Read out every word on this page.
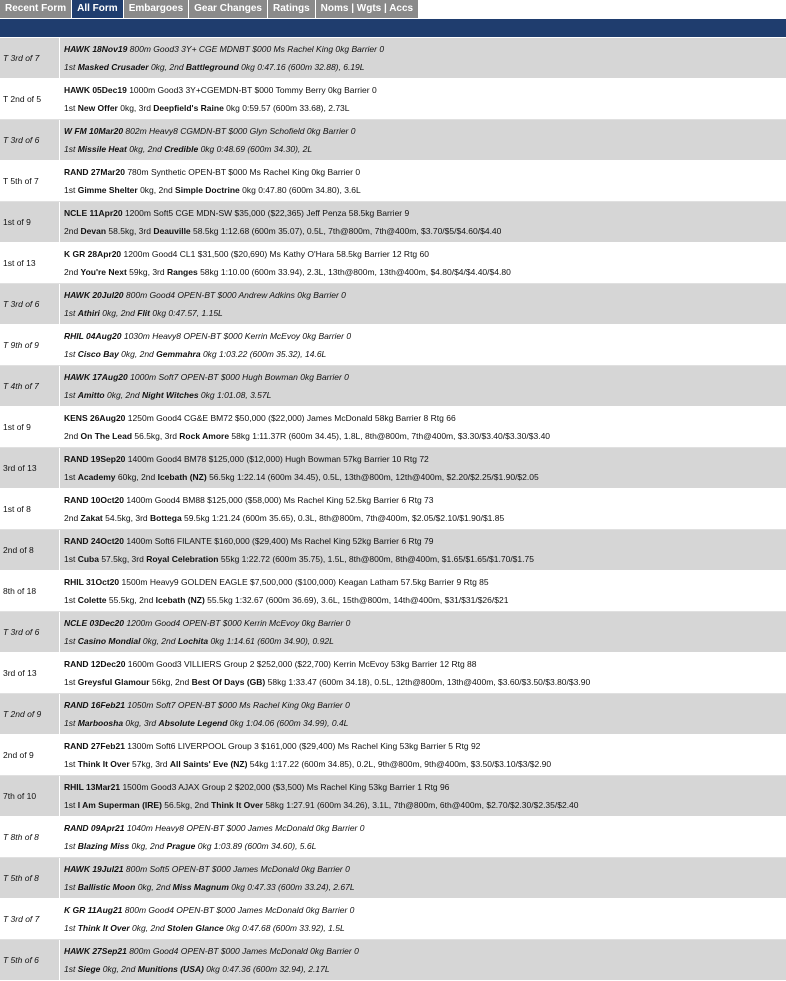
Recent Form	All Form	Embargoes	Gear Changes	Ratings	Noms | Wgts | Accs
T 3rd of 7
HAWK 18Nov19 800m Good3 3Y+ CGE MDNBT $000 Ms Rachel King 0kg Barrier 0
1st Masked Crusader 0kg, 2nd Battleground 0kg 0:47.16 (600m 32.88), 6.19L
T 2nd of 5
HAWK 05Dec19 1000m Good3 3Y+CGEMDN-BT $000 Tommy Berry 0kg Barrier 0
1st New Offer 0kg, 3rd Deepfield's Raine 0kg 0:59.57 (600m 33.68), 2.73L
T 3rd of 6
W FM 10Mar20 802m Heavy8 CGMDN-BT $000 Glyn Schofield 0kg Barrier 0
1st Missile Heat 0kg, 2nd Credible 0kg 0:48.69 (600m 34.30), 2L
T 5th of 7
RAND 27Mar20 780m Synthetic OPEN-BT $000 Ms Rachel King 0kg Barrier 0
1st Gimme Shelter 0kg, 2nd Simple Doctrine 0kg 0:47.80 (600m 34.80), 3.6L
1st of 9
NCLE 11Apr20 1200m Soft5 CGE MDN-SW $35,000 ($22,365) Jeff Penza 58.5kg Barrier 9
2nd Devan 58.5kg, 3rd Deauville 58.5kg 1:12.68 (600m 35.07), 0.5L, 7th@800m, 7th@400m, $3.70/$5/$4.60/$4.40
1st of 13
K GR 28Apr20 1200m Good4 CL1 $31,500 ($20,690) Ms Kathy O'Hara 58.5kg Barrier 12 Rtg 60
2nd You're Next 59kg, 3rd Ranges 58kg 1:10.00 (600m 33.94), 2.3L, 13th@800m, 13th@400m, $4.80/$4/$4.40/$4.80
T 3rd of 6
HAWK 20Jul20 800m Good4 OPEN-BT $000 Andrew Adkins 0kg Barrier 0
1st Athiri 0kg, 2nd Flit 0kg 0:47.57, 1.15L
T 9th of 9
RHIL 04Aug20 1030m Heavy8 OPEN-BT $000 Kerrin McEvoy 0kg Barrier 0
1st Cisco Bay 0kg, 2nd Gemmahra 0kg 1:03.22 (600m 35.32), 14.6L
T 4th of 7
HAWK 17Aug20 1000m Soft7 OPEN-BT $000 Hugh Bowman 0kg Barrier 0
1st Amitto 0kg, 2nd Night Witches 0kg 1:01.08, 3.57L
1st of 9
KENS 26Aug20 1250m Good4 CG&E BM72 $50,000 ($22,000) James McDonald 58kg Barrier 8 Rtg 66
2nd On The Lead 56.5kg, 3rd Rock Amore 58kg 1:11.37R (600m 34.45), 1.8L, 8th@800m, 7th@400m, $3.30/$3.40/$3.30/$3.40
3rd of 13
RAND 19Sep20 1400m Good4 BM78 $125,000 ($12,000) Hugh Bowman 57kg Barrier 10 Rtg 72
1st Academy 60kg, 2nd Icebath (NZ) 56.5kg 1:22.14 (600m 34.45), 0.5L, 13th@800m, 12th@400m, $2.20/$2.25/$1.90/$2.05
1st of 8
RAND 10Oct20 1400m Good4 BM88 $125,000 ($58,000) Ms Rachel King 52.5kg Barrier 6 Rtg 73
2nd Zakat 54.5kg, 3rd Bottega 59.5kg 1:21.24 (600m 35.65), 0.3L, 8th@800m, 7th@400m, $2.05/$2.10/$1.90/$1.85
2nd of 8
RAND 24Oct20 1400m Soft6 FILANTE $160,000 ($29,400) Ms Rachel King 52kg Barrier 6 Rtg 79
1st Cuba 57.5kg, 3rd Royal Celebration 55kg 1:22.72 (600m 35.75), 1.5L, 8th@800m, 8th@400m, $1.65/$1.65/$1.70/$1.75
8th of 18
RHIL 31Oct20 1500m Heavy9 GOLDEN EAGLE $7,500,000 ($100,000) Keagan Latham 57.5kg Barrier 9 Rtg 85
1st Colette 55.5kg, 2nd Icebath (NZ) 55.5kg 1:32.67 (600m 36.69), 3.6L, 15th@800m, 14th@400m, $31/$31/$26/$21
T 3rd of 6
NCLE 03Dec20 1200m Good4 OPEN-BT $000 Kerrin McEvoy 0kg Barrier 0
1st Casino Mondial 0kg, 2nd Lochita 0kg 1:14.61 (600m 34.90), 0.92L
3rd of 13
RAND 12Dec20 1600m Good3 VILLIERS Group 2 $252,000 ($22,700) Kerrin McEvoy 53kg Barrier 12 Rtg 88
1st Greysful Glamour 56kg, 2nd Best Of Days (GB) 58kg 1:33.47 (600m 34.18), 0.5L, 12th@800m, 13th@400m, $3.60/$3.50/$3.80/$3.90
T 2nd of 9
RAND 16Feb21 1050m Soft7 OPEN-BT $000 Ms Rachel King 0kg Barrier 0
1st Marboosha 0kg, 3rd Absolute Legend 0kg 1:04.06 (600m 34.99), 0.4L
2nd of 9
RAND 27Feb21 1300m Soft6 LIVERPOOL Group 3 $161,000 ($29,400) Ms Rachel King 53kg Barrier 5 Rtg 92
1st Think It Over 57kg, 3rd All Saints' Eve (NZ) 54kg 1:17.22 (600m 34.85), 0.2L, 9th@800m, 9th@400m, $3.50/$3.10/$3/$2.90
7th of 10
RHIL 13Mar21 1500m Good3 AJAX Group 2 $202,000 ($3,500) Ms Rachel King 53kg Barrier 1 Rtg 96
1st I Am Superman (IRE) 56.5kg, 2nd Think It Over 58kg 1:27.91 (600m 34.26), 3.1L, 7th@800m, 6th@400m, $2.70/$2.30/$2.35/$2.40
T 8th of 8
RAND 09Apr21 1040m Heavy8 OPEN-BT $000 James McDonald 0kg Barrier 0
1st Blazing Miss 0kg, 2nd Prague 0kg 1:03.89 (600m 34.60), 5.6L
T 5th of 8
HAWK 19Jul21 800m Soft5 OPEN-BT $000 James McDonald 0kg Barrier 0
1st Ballistic Moon 0kg, 2nd Miss Magnum 0kg 0:47.33 (600m 33.24), 2.67L
T 3rd of 7
K GR 11Aug21 800m Good4 OPEN-BT $000 James McDonald 0kg Barrier 0
1st Think It Over 0kg, 2nd Stolen Glance 0kg 0:47.68 (600m 33.92), 1.5L
T 5th of 6
HAWK 27Sep21 800m Good4 OPEN-BT $000 James McDonald 0kg Barrier 0
1st Siege 0kg, 2nd Munitions (USA) 0kg 0:47.36 (600m 32.94), 2.17L
